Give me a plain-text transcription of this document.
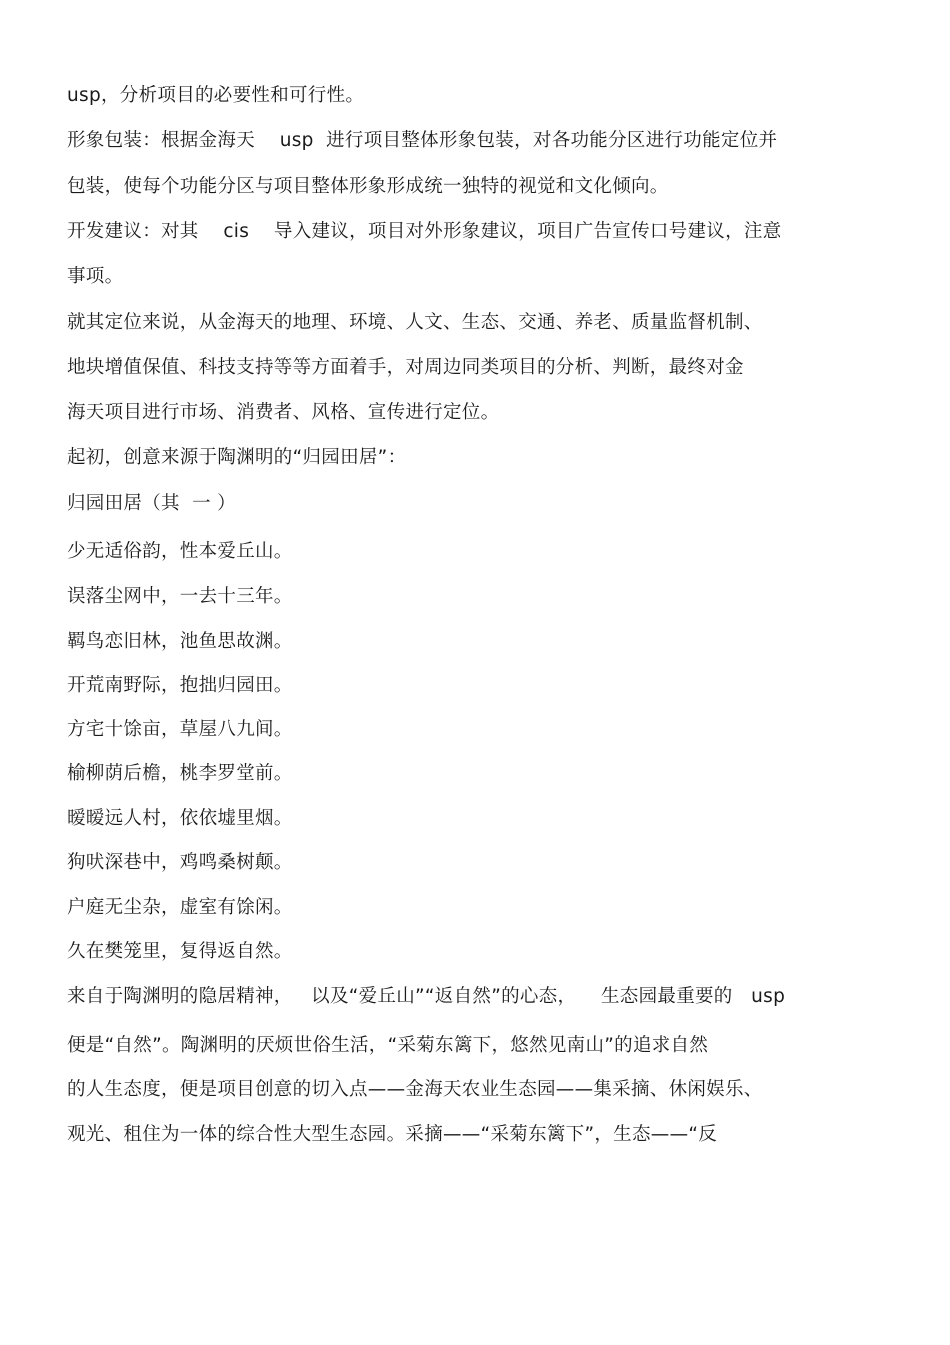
usp，分析项目的必要性和可行性。
形象包装：根据金海天    usp  进行项目整体形象包装，对各功能分区进行功能定位并
包装，使每个功能分区与项目整体形象形成统一独特的视觉和文化倾向。
开发建议：对其    cis    导入建议，项目对外形象建议，项目广告宣传口号建议，注意
事项。
就其定位来说，从金海天的地理、环境、人文、生态、交通、养老、质量监督机制、
地块增值保值、科技支持等等方面着手，对周边同类项目的分析、判断，最终对金
海天项目进行市场、消费者、风格、宣传进行定位。
起初，创意来源于陶渊明的“归园田居”：
归园田居（其  一 ）
少无适俗韵，性本爱丘山。
误落尘网中，一去十三年。
羁鸟恋旧林，池鱼思故渊。
开荒南野际，抱拙归园田。
方宅十馀亩，草屋八九间。
榆柳荫后檐，桃李罗堂前。
暧暧远人村，依依墟里烟。
狗吠深巷中，鸡鸣桑树颠。
户庭无尘杂，虚室有馀闲。
久在樊笼里，复得返自然。
来自于陶渊明的隐居精神，   以及“爱丘山”“返自然”的心态，    生态园最重要的   usp
便是“自然”。陶渊明的厌烦世俗生活，“采菊东篱下，悠然见南山”的追求自然
的人生态度，便是项目创意的切入点——金海天农业生态园——集采摘、休闲娱乐、
观光、租住为一体的综合性大型生态园。采摘——“采菊东篱下”，生态——“反
